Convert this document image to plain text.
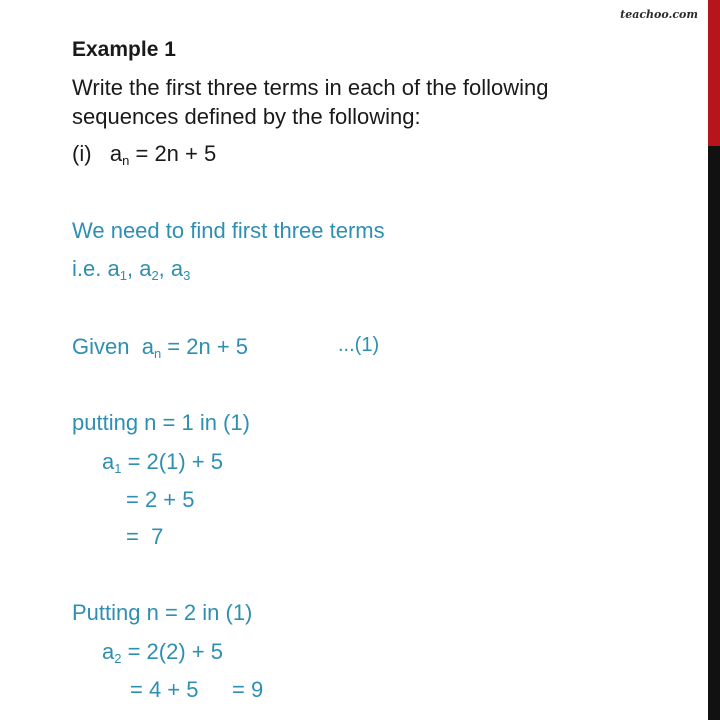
teachoo.com
Example 1
Write the first three terms in each of the following
sequences defined by the following:
(i) $a_n = 2n + 5$
We need to find first three terms
i.e. $a_1$, $a_2$, $a_3$
Given  $a_n = 2n + 5$	...(1)
putting n = 1 in (1)
$a_1 = 2(1) + 5$
= 2 + 5
=  7
Putting n = 2 in (1)
$a_2 = 2(2) + 5$
= 4 + 5 = 9
